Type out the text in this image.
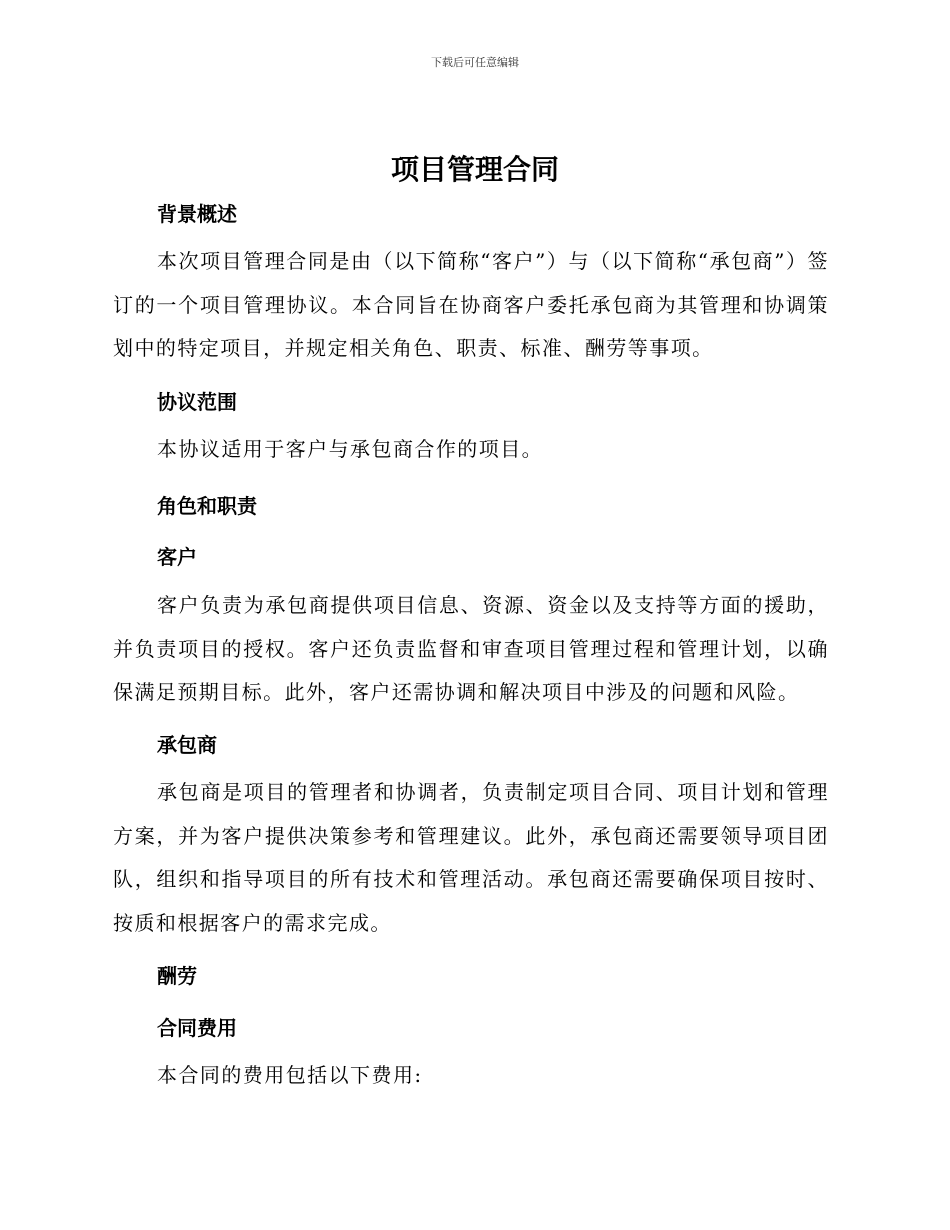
下载后可任意编辑
项目管理合同
背景概述

本次项目管理合同是由（以下简称“客户”）与（以下简称“承包商”）签订的一个项目管理协议。本合同旨在协商客户委托承包商为其管理和协调策划中的特定项目，并规定相关角色、职责、标准、酬劳等事项。

协议范围

本协议适用于客户与承包商合作的项目。

角色和职责
客户

客户负责为承包商提供项目信息、资源、资金以及支持等方面的援助，并负责项目的授权。客户还负责监督和审查项目管理过程和管理计划，以确保满足预期目标。此外，客户还需协调和解决项目中涉及的问题和风险。

承包商

承包商是项目的管理者和协调者，负责制定项目合同、项目计划和管理方案，并为客户提供决策参考和管理建议。此外，承包商还需要领导项目团队，组织和指导项目的所有技术和管理活动。承包商还需要确保项目按时、按质和根据客户的需求完成。

酬劳
合同费用

本合同的费用包括以下费用:
